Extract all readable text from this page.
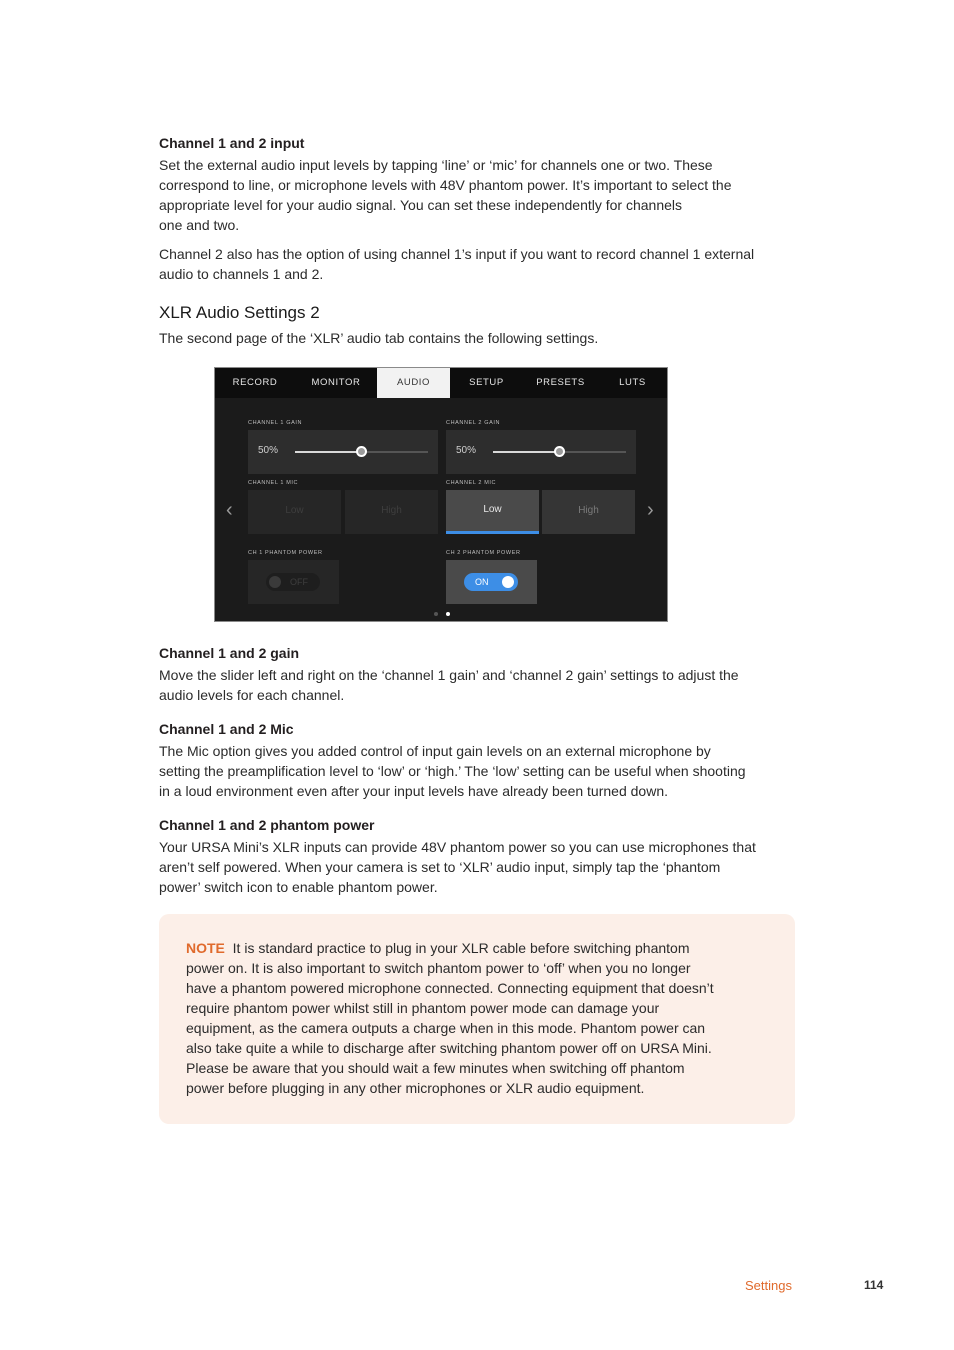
Channel 1 and 2 input
Set the external audio input levels by tapping ‘line’ or ‘mic’ for channels one or two. These
correspond to line, or microphone levels with 48V phantom power. It’s important to select the
appropriate level for your audio signal. You can set these independently for channels
one and two.
Channel 2 also has the option of using channel 1’s input if you want to record channel 1 external
audio to channels 1 and 2.
XLR Audio Settings 2
The second page of the ‘XLR’ audio tab contains the following settings.
RECORD	MONITOR	AUDIO	SETUP	PRESETS	LUTS
CHANNEL 1 GAIN	CHANNEL 2 GAIN
50%	50%
CHANNEL 1 MIC	CHANNEL 2 MIC
Low	High	Low	High
‹	›
CH 1 PHANTOM POWER	CH 2 PHANTOM POWER
OFF	ON
Channel 1 and 2 gain
Move the slider left and right on the ‘channel 1 gain’ and ‘channel 2 gain’ settings to adjust the
audio levels for each channel.
Channel 1 and 2 Mic
The Mic option gives you added control of input gain levels on an external microphone by
setting the preamplification level to ‘low’ or ‘high.’ The ‘low’ setting can be useful when shooting
in a loud environment even after your input levels have already been turned down.
Channel 1 and 2 phantom power
Your URSA Mini’s XLR inputs can provide 48V phantom power so you can use microphones that
aren’t self powered. When your camera is set to ‘XLR’ audio input, simply tap the ‘phantom
power’ switch icon to enable phantom power.
NOTE It is standard practice to plug in your XLR cable before switching phantom
power on. It is also important to switch phantom power to ‘off’ when you no longer
have a phantom powered microphone connected. Connecting equipment that doesn’t
require phantom power whilst still in phantom power mode can damage your
equipment, as the camera outputs a charge when in this mode. Phantom power can
also take quite a while to discharge after switching phantom power off on URSA Mini.
Please be aware that you should wait a few minutes when switching off phantom
power before plugging in any other microphones or XLR audio equipment.
Settings	114
